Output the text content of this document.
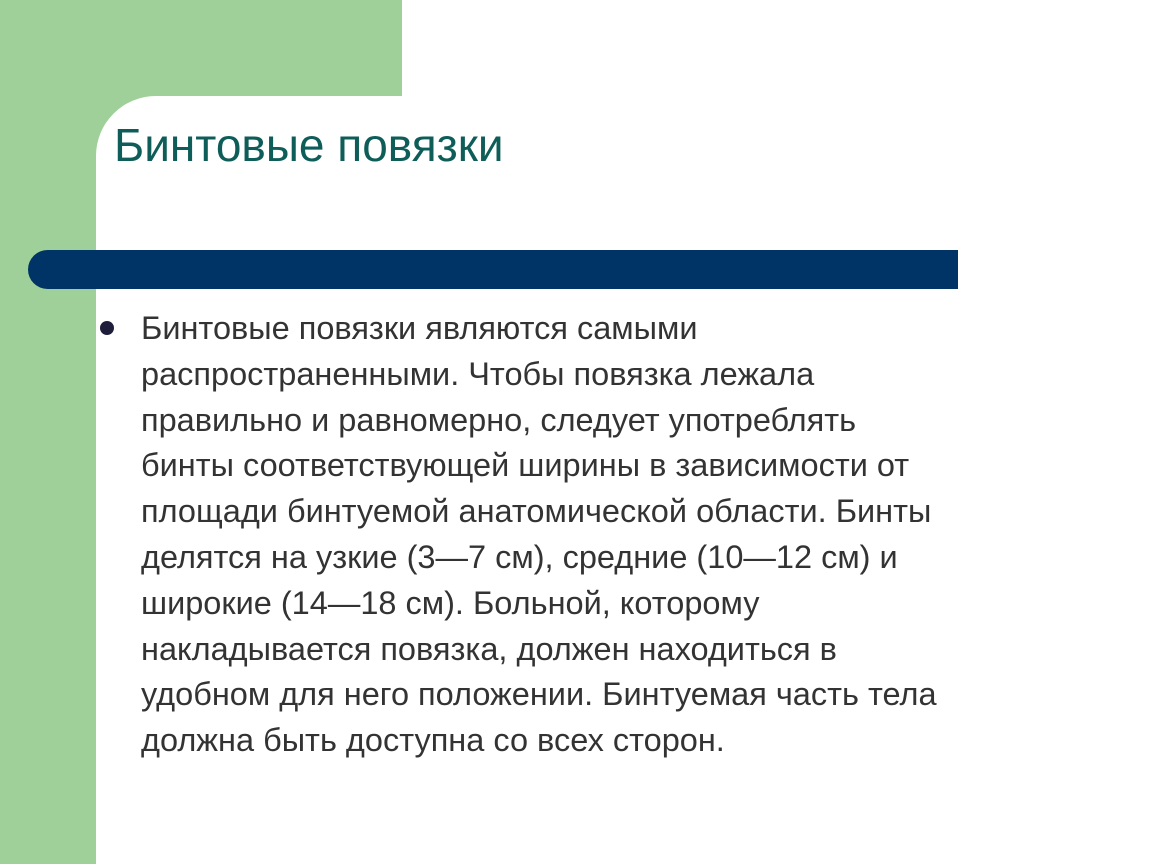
Бинтовые повязки

Бинтовые повязки являются самыми
распространенными. Чтобы повязка лежала
правильно и равномерно, следует употреблять
бинты соответствующей ширины в зависимости от
площади бинтуемой анатомической области. Бинты
делятся на узкие (3—7 см), средние (10—12 см) и
широкие (14—18 см). Больной, которому
накладывается повязка, должен находиться в
удобном для него положении. Бинтуемая часть тела
должна быть доступна со всех сторон.
